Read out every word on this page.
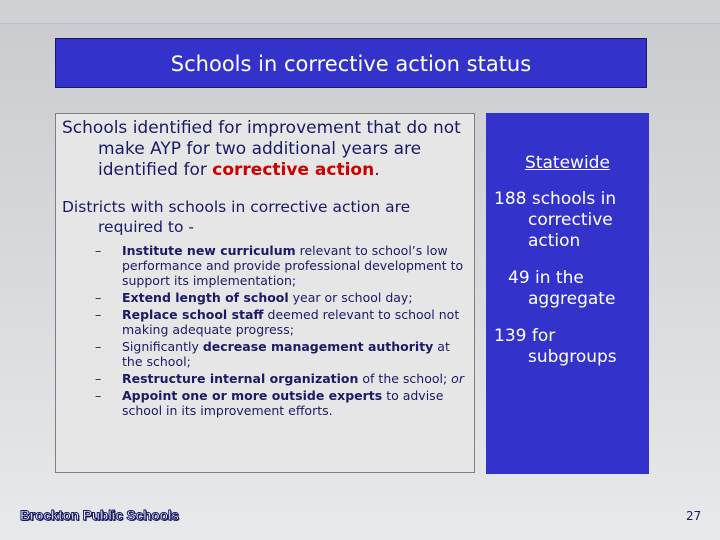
Schools in corrective action status

Schools identified for improvement that do not make AYP for two additional years are identified for corrective action.

Districts with schools in corrective action are required to -

– Institute new curriculum relevant to school’s low performance and provide professional development to support its implementation;
– Extend length of school year or school day;
– Replace school staff deemed relevant to school not making adequate progress;
– Significantly decrease management authority at the school;
– Restructure internal organization of the school; or
– Appoint one or more outside experts to advise school in its improvement efforts.

Statewide

188 schools in corrective action

49 in the aggregate

139 for subgroups

Brockton Public Schools	27
